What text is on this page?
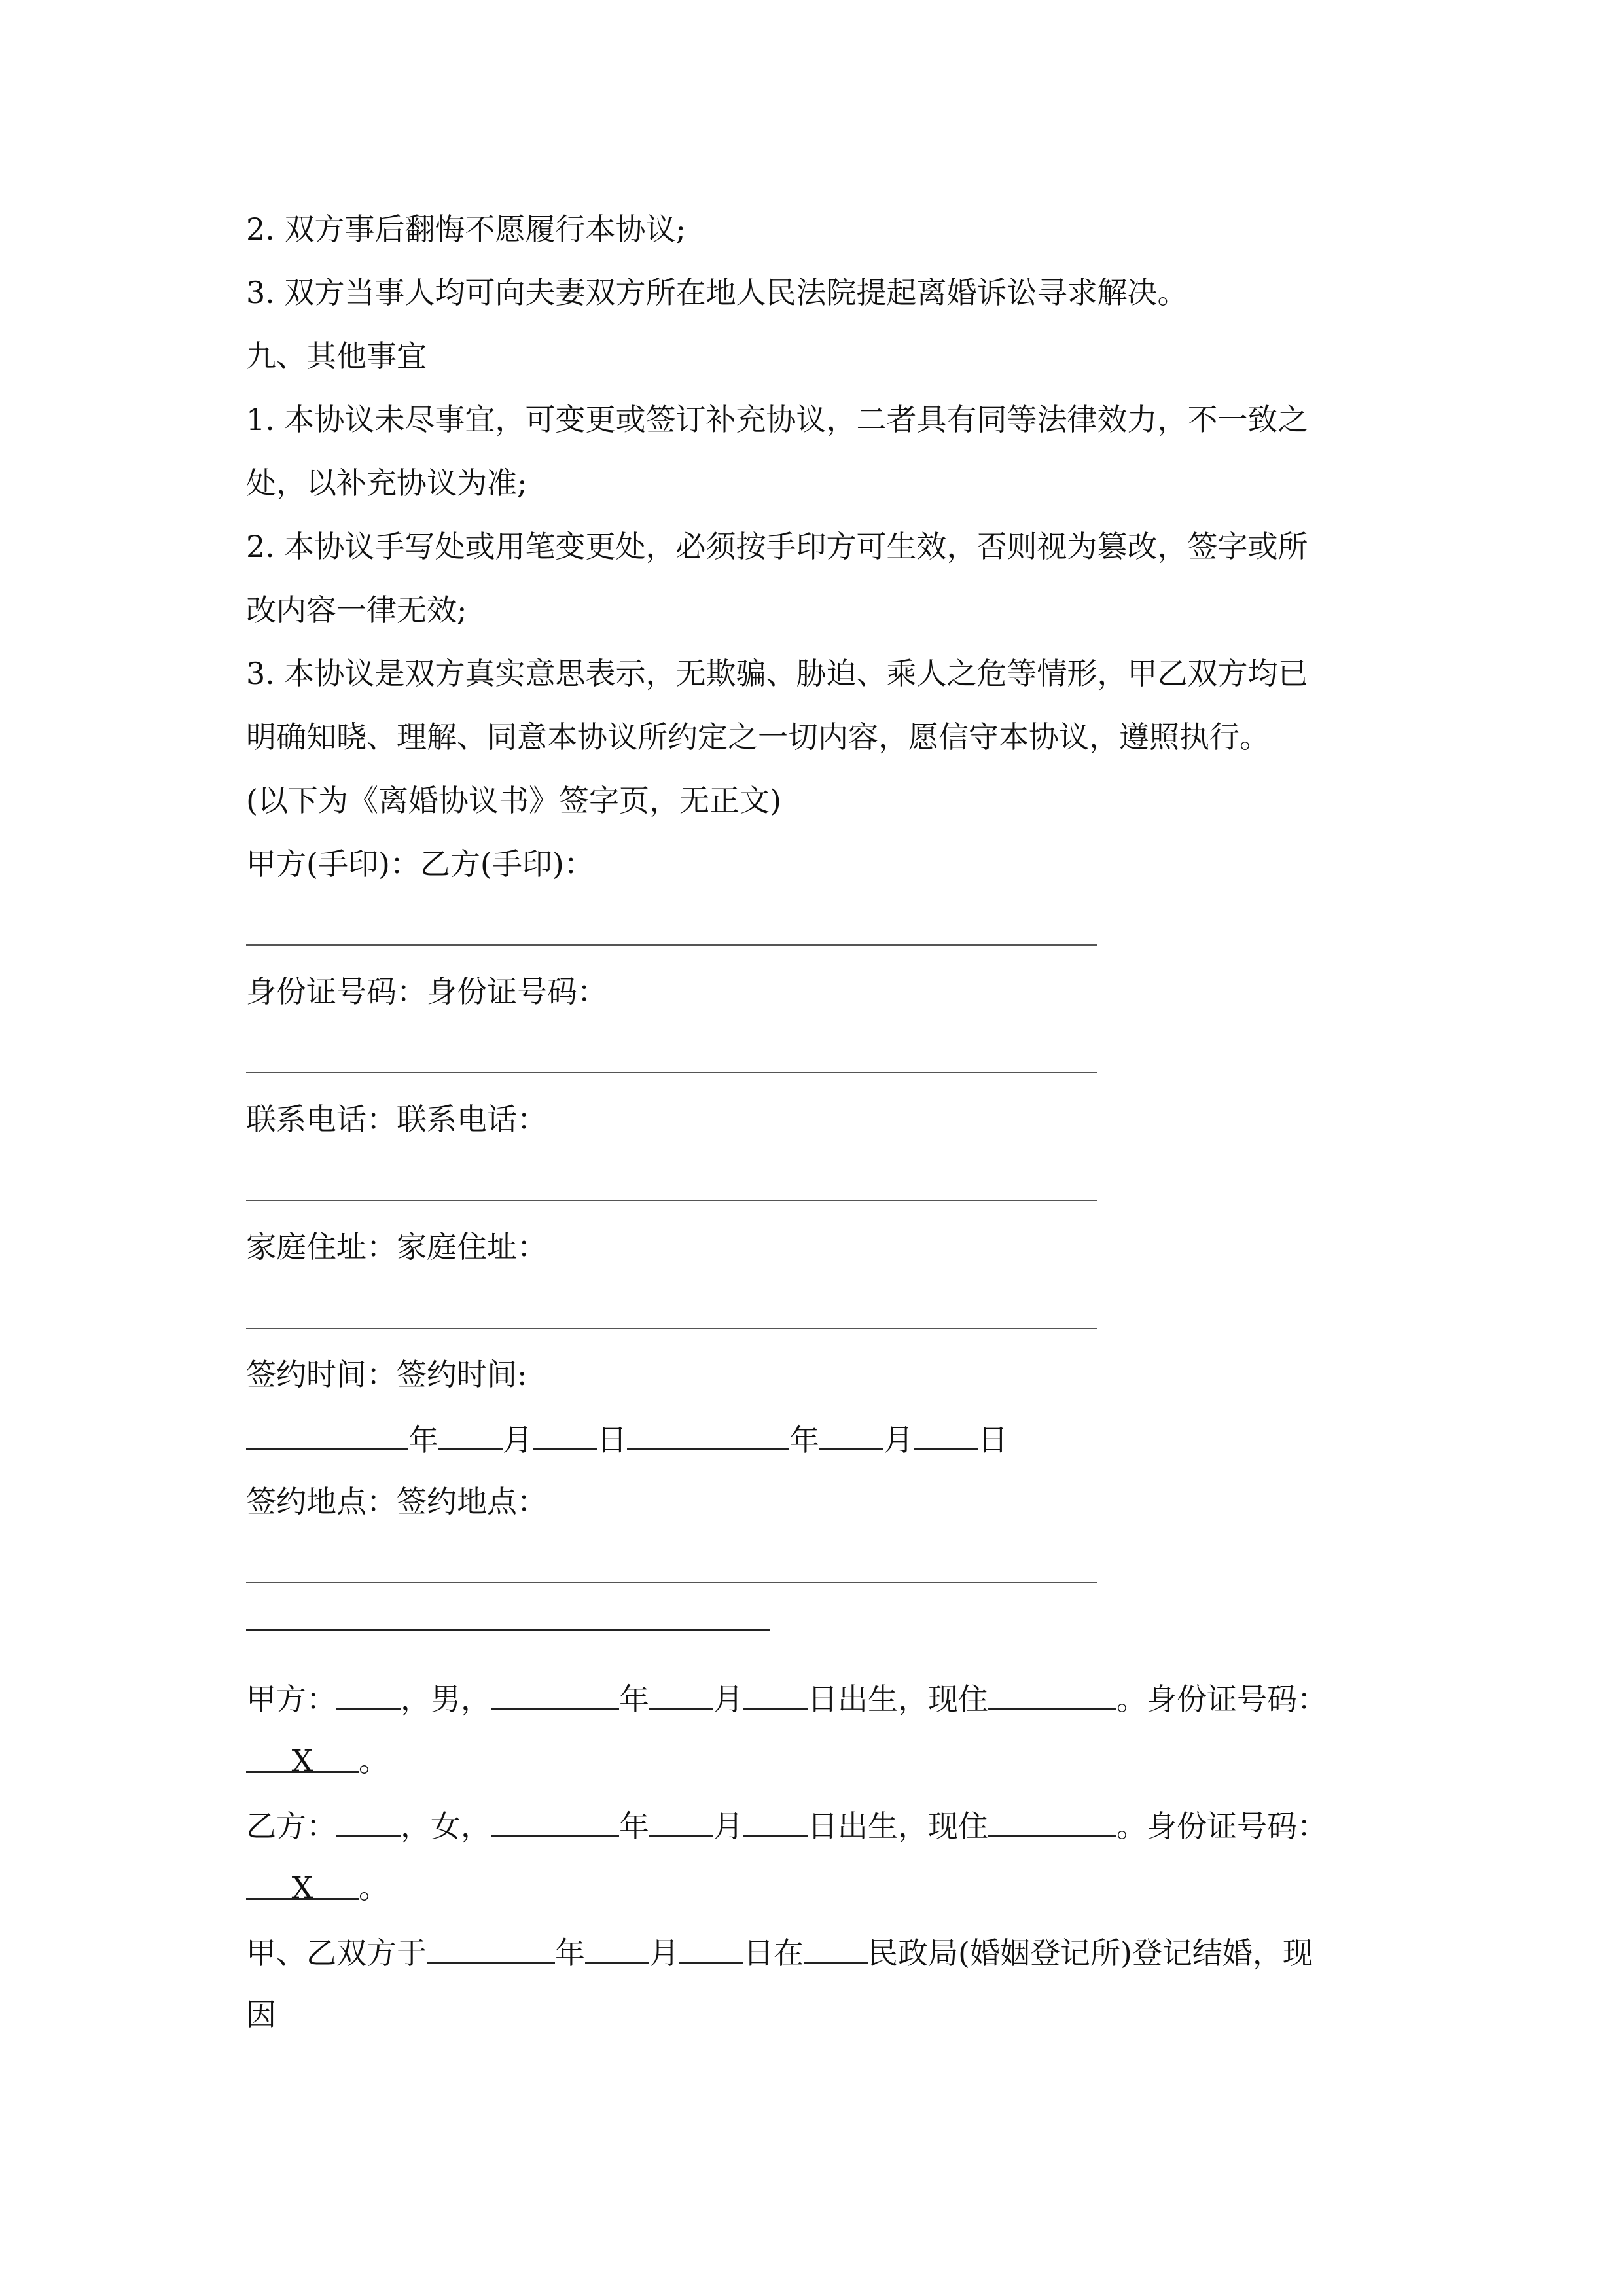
2. 双方事后翻悔不愿履行本协议;
3. 双方当事人均可向夫妻双方所在地人民法院提起离婚诉讼寻求解决。
九、其他事宜
1. 本协议未尽事宜，可变更或签订补充协议，二者具有同等法律效力，不一致之
处，以补充协议为准;
2. 本协议手写处或用笔变更处，必须按手印方可生效，否则视为篡改，签字或所
改内容一律无效;
3. 本协议是双方真实意思表示，无欺骗、胁迫、乘人之危等情形，甲乙双方均已
明确知晓、理解、同意本协议所约定之一切内容，愿信守本协议，遵照执行。
(以下为《离婚协议书》签字页，无正文)
甲方(手印)：乙方(手印)：
身份证号码：身份证号码：
联系电话：联系电话：
家庭住址：家庭住址：
签约时间：签约时间:
年 月 日	年 月 日
签约地点：签约地点：
甲方： ，男，	年 月 日出生，现住	。身份证号码：
X 。
乙方： ，女，	年 月 日出生，现住	。身份证号码：
X 。
甲、乙双方于	年 月 日在 民政局(婚姻登记所)登记结婚，现
因
